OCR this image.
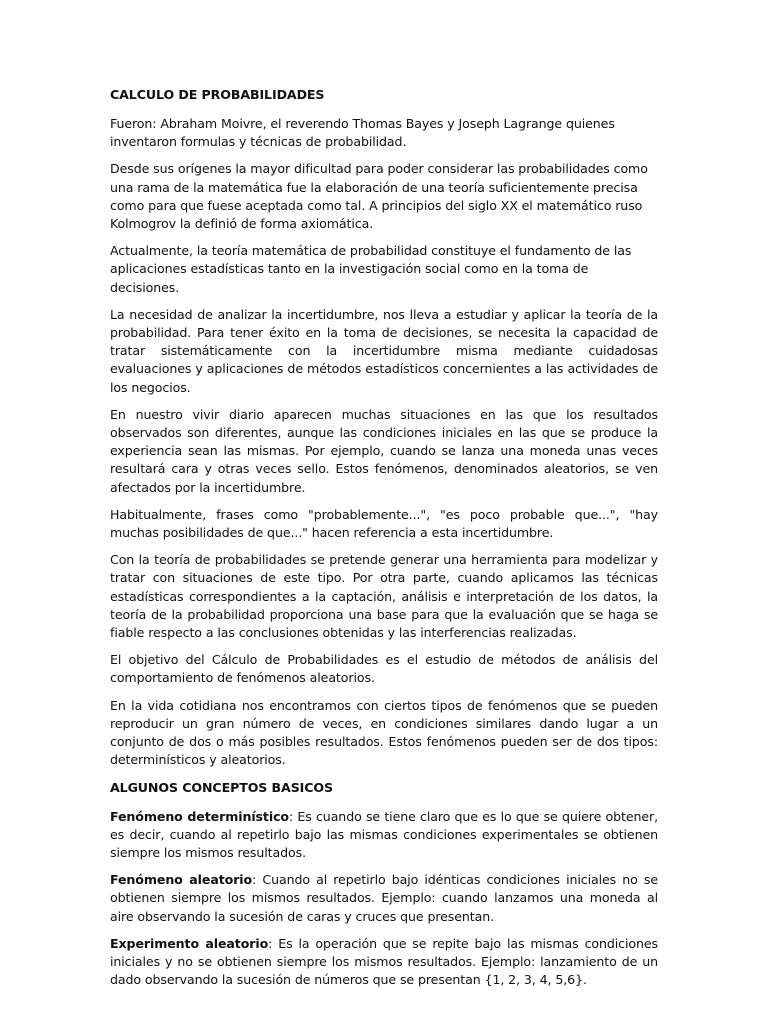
CALCULO DE PROBABILIDADES

Fueron: Abraham Moivre, el reverendo Thomas Bayes y Joseph Lagrange quienes inventaron formulas y técnicas de probabilidad.

Desde sus orígenes la mayor dificultad para poder considerar las probabilidades como una rama de la matemática fue la elaboración de una teoría suficientemente precisa como para que fuese aceptada como tal. A principios del siglo XX el matemático ruso Kolmogrov la definió de forma axiomática.

Actualmente, la teoría matemática de probabilidad constituye el fundamento de las aplicaciones estadísticas tanto en la investigación social como en la toma de decisiones.

La necesidad de analizar la incertidumbre, nos lleva a estudiar y aplicar la teoría de la probabilidad. Para tener éxito en la toma de decisiones, se necesita la capacidad de tratar sistemáticamente con la incertidumbre misma mediante cuidadosas evaluaciones y aplicaciones de métodos estadísticos concernientes a las actividades de los negocios.

En nuestro vivir diario aparecen muchas situaciones en las que los resultados observados son diferentes, aunque las condiciones iniciales en las que se produce la experiencia sean las mismas. Por ejemplo, cuando se lanza una moneda unas veces resultará cara y otras veces sello. Estos fenómenos, denominados aleatorios, se ven afectados por la incertidumbre.

Habitualmente, frases como "probablemente...", "es poco probable que...", "hay muchas posibilidades de que..." hacen referencia a esta incertidumbre.

Con la teoría de probabilidades se pretende generar una herramienta para modelizar y tratar con situaciones de este tipo. Por otra parte, cuando aplicamos las técnicas estadísticas correspondientes a la captación, análisis e interpretación de los datos, la teoría de la probabilidad proporciona una base para que la evaluación que se haga se fiable respecto a las conclusiones obtenidas y las interferencias realizadas.

El objetivo del Cálculo de Probabilidades es el estudio de métodos de análisis del comportamiento de fenómenos aleatorios.

En la vida cotidiana nos encontramos con ciertos tipos de fenómenos que se pueden reproducir un gran número de veces, en condiciones similares dando lugar a un conjunto de dos o más posibles resultados. Estos fenómenos pueden ser de dos tipos: determinísticos y aleatorios.

ALGUNOS CONCEPTOS BASICOS

Fenómeno determinístico: Es cuando se tiene claro que es lo que se quiere obtener, es decir, cuando al repetirlo bajo las mismas condiciones experimentales se obtienen siempre los mismos resultados.

Fenómeno aleatorio: Cuando al repetirlo bajo idénticas condiciones iniciales no se obtienen siempre los mismos resultados. Ejemplo: cuando lanzamos una moneda al aire observando la sucesión de caras y cruces que presentan.

Experimento aleatorio: Es la operación que se repite bajo las mismas condiciones iniciales y no se obtienen siempre los mismos resultados. Ejemplo: lanzamiento de un dado observando la sucesión de números que se presentan {1, 2, 3, 4, 5,6}.
